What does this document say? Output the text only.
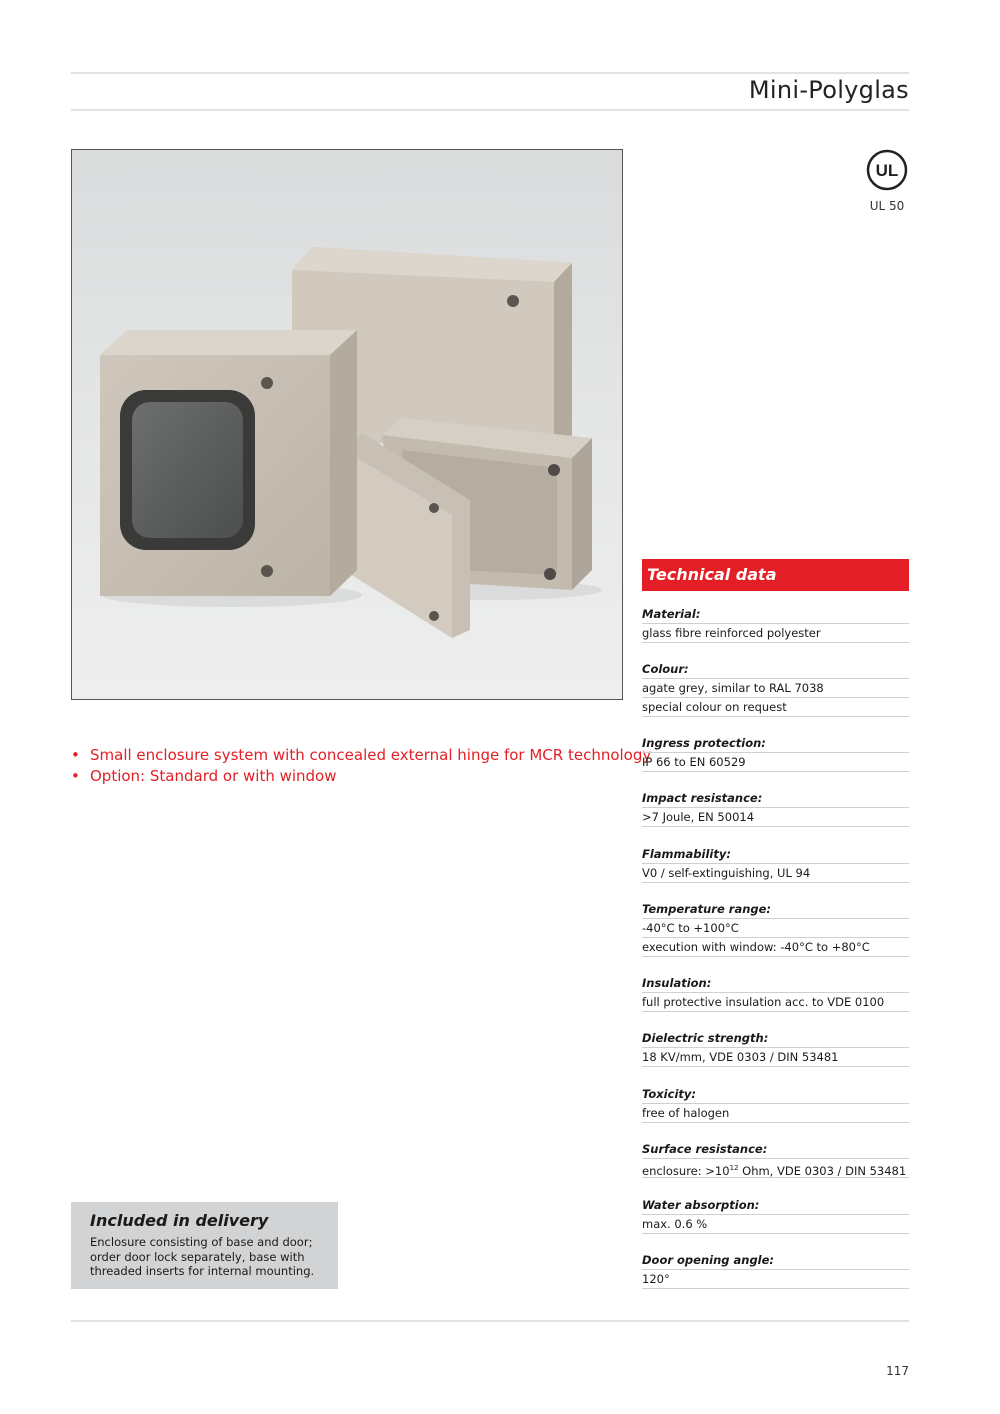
Mini-Polyglas
UL
UL 50
• Small enclosure system with concealed external hinge for MCR technology
• Option: Standard or with window
Included in delivery
Enclosure consisting of base and door;
order door lock separately, base with
threaded inserts for internal mounting.
Technical data
Material:
glass fibre reinforced polyester
Colour:
agate grey, similar to RAL 7038
special colour on request
Ingress protection:
IP 66 to EN 60529
Impact resistance:
>7 Joule, EN 50014
Flammability:
V0 / self-extinguishing, UL 94
Temperature range:
-40°C to +100°C
execution with window: -40°C to +80°C
Insulation:
full protective insulation acc. to VDE 0100
Dielectric strength:
18 KV/mm, VDE 0303 / DIN 53481
Toxicity:
free of halogen
Surface resistance:
enclosure: $>10^{12}$ Ohm, VDE 0303 / DIN 53481
Water absorption:
max. 0.6 %
Door opening angle:
120°
117
